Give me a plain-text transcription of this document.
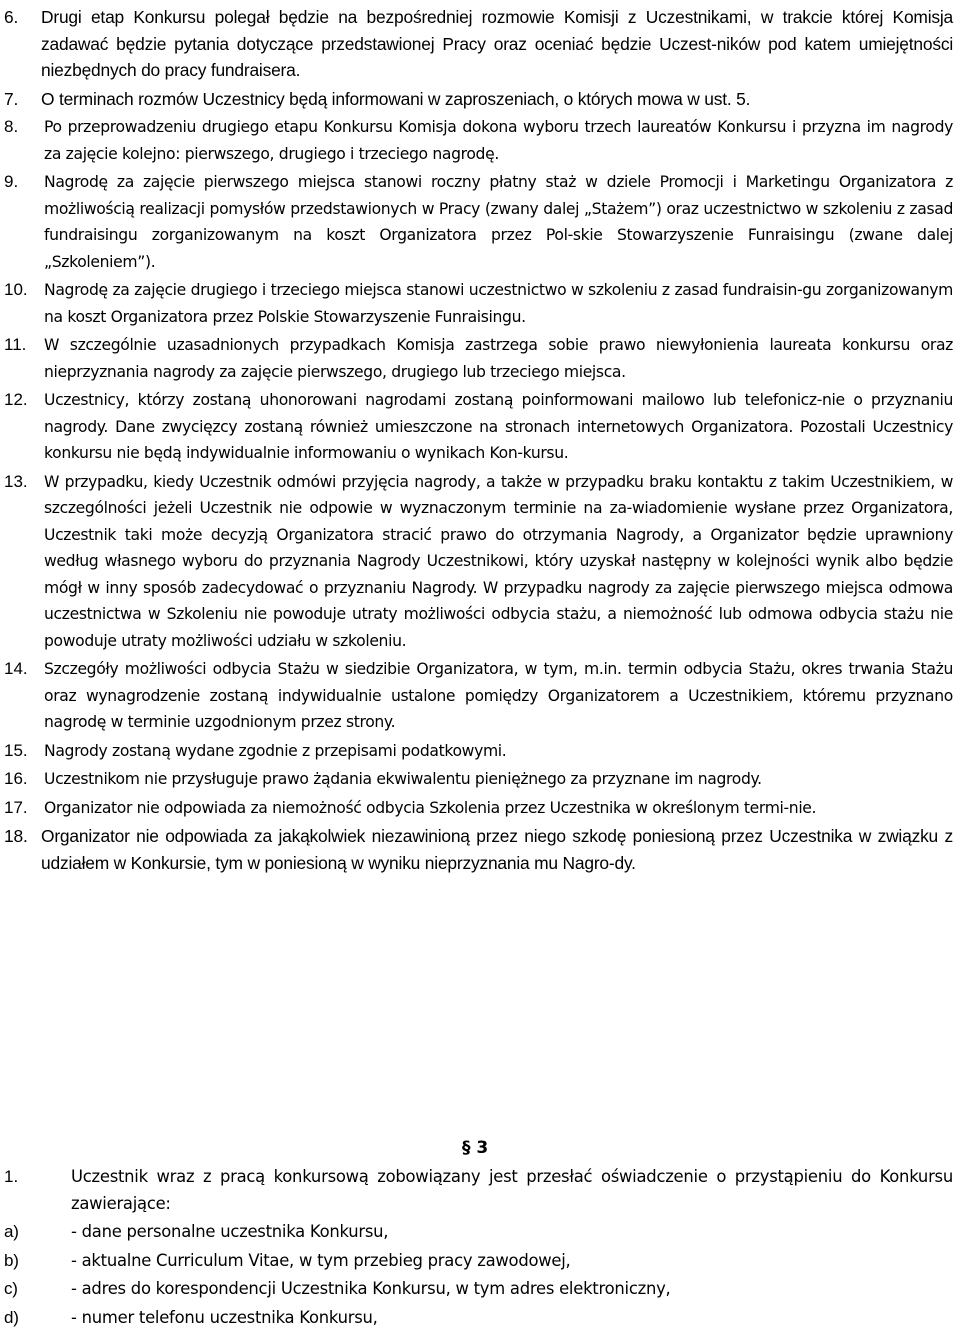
6.	Drugi etap Konkursu polegał będzie na bezpośredniej rozmowie Komisji z Uczestnikami, w trakcie której Komisja zadawać będzie pytania dotyczące przedstawionej Pracy oraz oceniać będzie Uczest-ników pod katem umiejętności niezbędnych do pracy fundraisera.
7.	O terminach rozmów Uczestnicy będą informowani w zaproszeniach, o których mowa w ust. 5.
8.	Po przeprowadzeniu drugiego etapu Konkursu Komisja dokona wyboru trzech laureatów Konkursu i przyzna im nagrody za zajęcie kolejno: pierwszego, drugiego i trzeciego nagrodę.
9.	Nagrodę za zajęcie pierwszego miejsca stanowi roczny płatny staż w dziele Promocji i Marketingu Organizatora z możliwością realizacji pomysłów przedstawionych w Pracy (zwany dalej „Stażem”) oraz uczestnictwo w szkoleniu z zasad fundraisingu zorganizowanym na koszt Organizatora przez Pol-skie Stowarzyszenie Funraisingu (zwane dalej „Szkoleniem”).
10.	Nagrodę za zajęcie drugiego i trzeciego miejsca stanowi uczestnictwo w szkoleniu z zasad fundraisin-gu zorganizowanym na koszt Organizatora przez Polskie Stowarzyszenie Funraisingu.
11.	W szczególnie uzasadnionych przypadkach Komisja zastrzega sobie prawo niewyłonienia laureata konkursu oraz nieprzyznania nagrody za zajęcie pierwszego, drugiego lub trzeciego miejsca.
12.	Uczestnicy, którzy zostaną uhonorowani nagrodami zostaną poinformowani mailowo lub telefonicz-nie o przyznaniu nagrody. Dane zwycięzcy zostaną również umieszczone na stronach internetowych Organizatora. Pozostali Uczestnicy konkursu nie będą indywidualnie informowaniu o wynikach Kon-kursu.
13.	W przypadku, kiedy Uczestnik odmówi przyjęcia nagrody, a także w przypadku braku kontaktu z takim Uczestnikiem, w szczególności jeżeli Uczestnik nie odpowie w wyznaczonym terminie na za-wiadomienie wysłane przez Organizatora, Uczestnik taki może decyzją Organizatora stracić prawo do otrzymania Nagrody, a Organizator będzie uprawniony według własnego wyboru do przyznania Nagrody Uczestnikowi, który uzyskał następny w kolejności wynik albo będzie mógł w inny sposób zadecydować o przyznaniu Nagrody. W przypadku nagrody za zajęcie pierwszego miejsca odmowa uczestnictwa w Szkoleniu nie powoduje utraty możliwości odbycia stażu, a niemożność lub odmowa odbycia stażu nie powoduje utraty możliwości udziału w szkoleniu.
14.	Szczegóły możliwości odbycia Stażu w siedzibie Organizatora, w tym, m.in. termin odbycia Stażu, okres trwania Stażu oraz wynagrodzenie zostaną indywidualnie ustalone pomiędzy Organizatorem a Uczestnikiem, któremu przyznano nagrodę w terminie uzgodnionym przez strony.
15.	Nagrody zostaną wydane zgodnie z przepisami podatkowymi.
16.	Uczestnikom nie przysługuje prawo żądania ekwiwalentu pieniężnego za przyznane im nagrody.
17.	Organizator nie odpowiada za niemożność odbycia Szkolenia przez Uczestnika w określonym termi-nie.
18. Organizator nie odpowiada za jakąkolwiek niezawinioną przez niego szkodę poniesioną przez Uczestnika w związku z udziałem w Konkursie, tym w poniesioną w wyniku nieprzyznania mu Nagro-dy.
§ 3
1.	Uczestnik wraz z pracą konkursową zobowiązany jest przesłać oświadczenie o przystąpieniu do Konkursu zawierające:
a)	- dane personalne uczestnika Konkursu,
b)	- aktualne Curriculum Vitae, w tym przebieg pracy zawodowej,
c)	- adres do korespondencji Uczestnika Konkursu, w tym adres elektroniczny,
d)	- numer telefonu uczestnika Konkursu,
